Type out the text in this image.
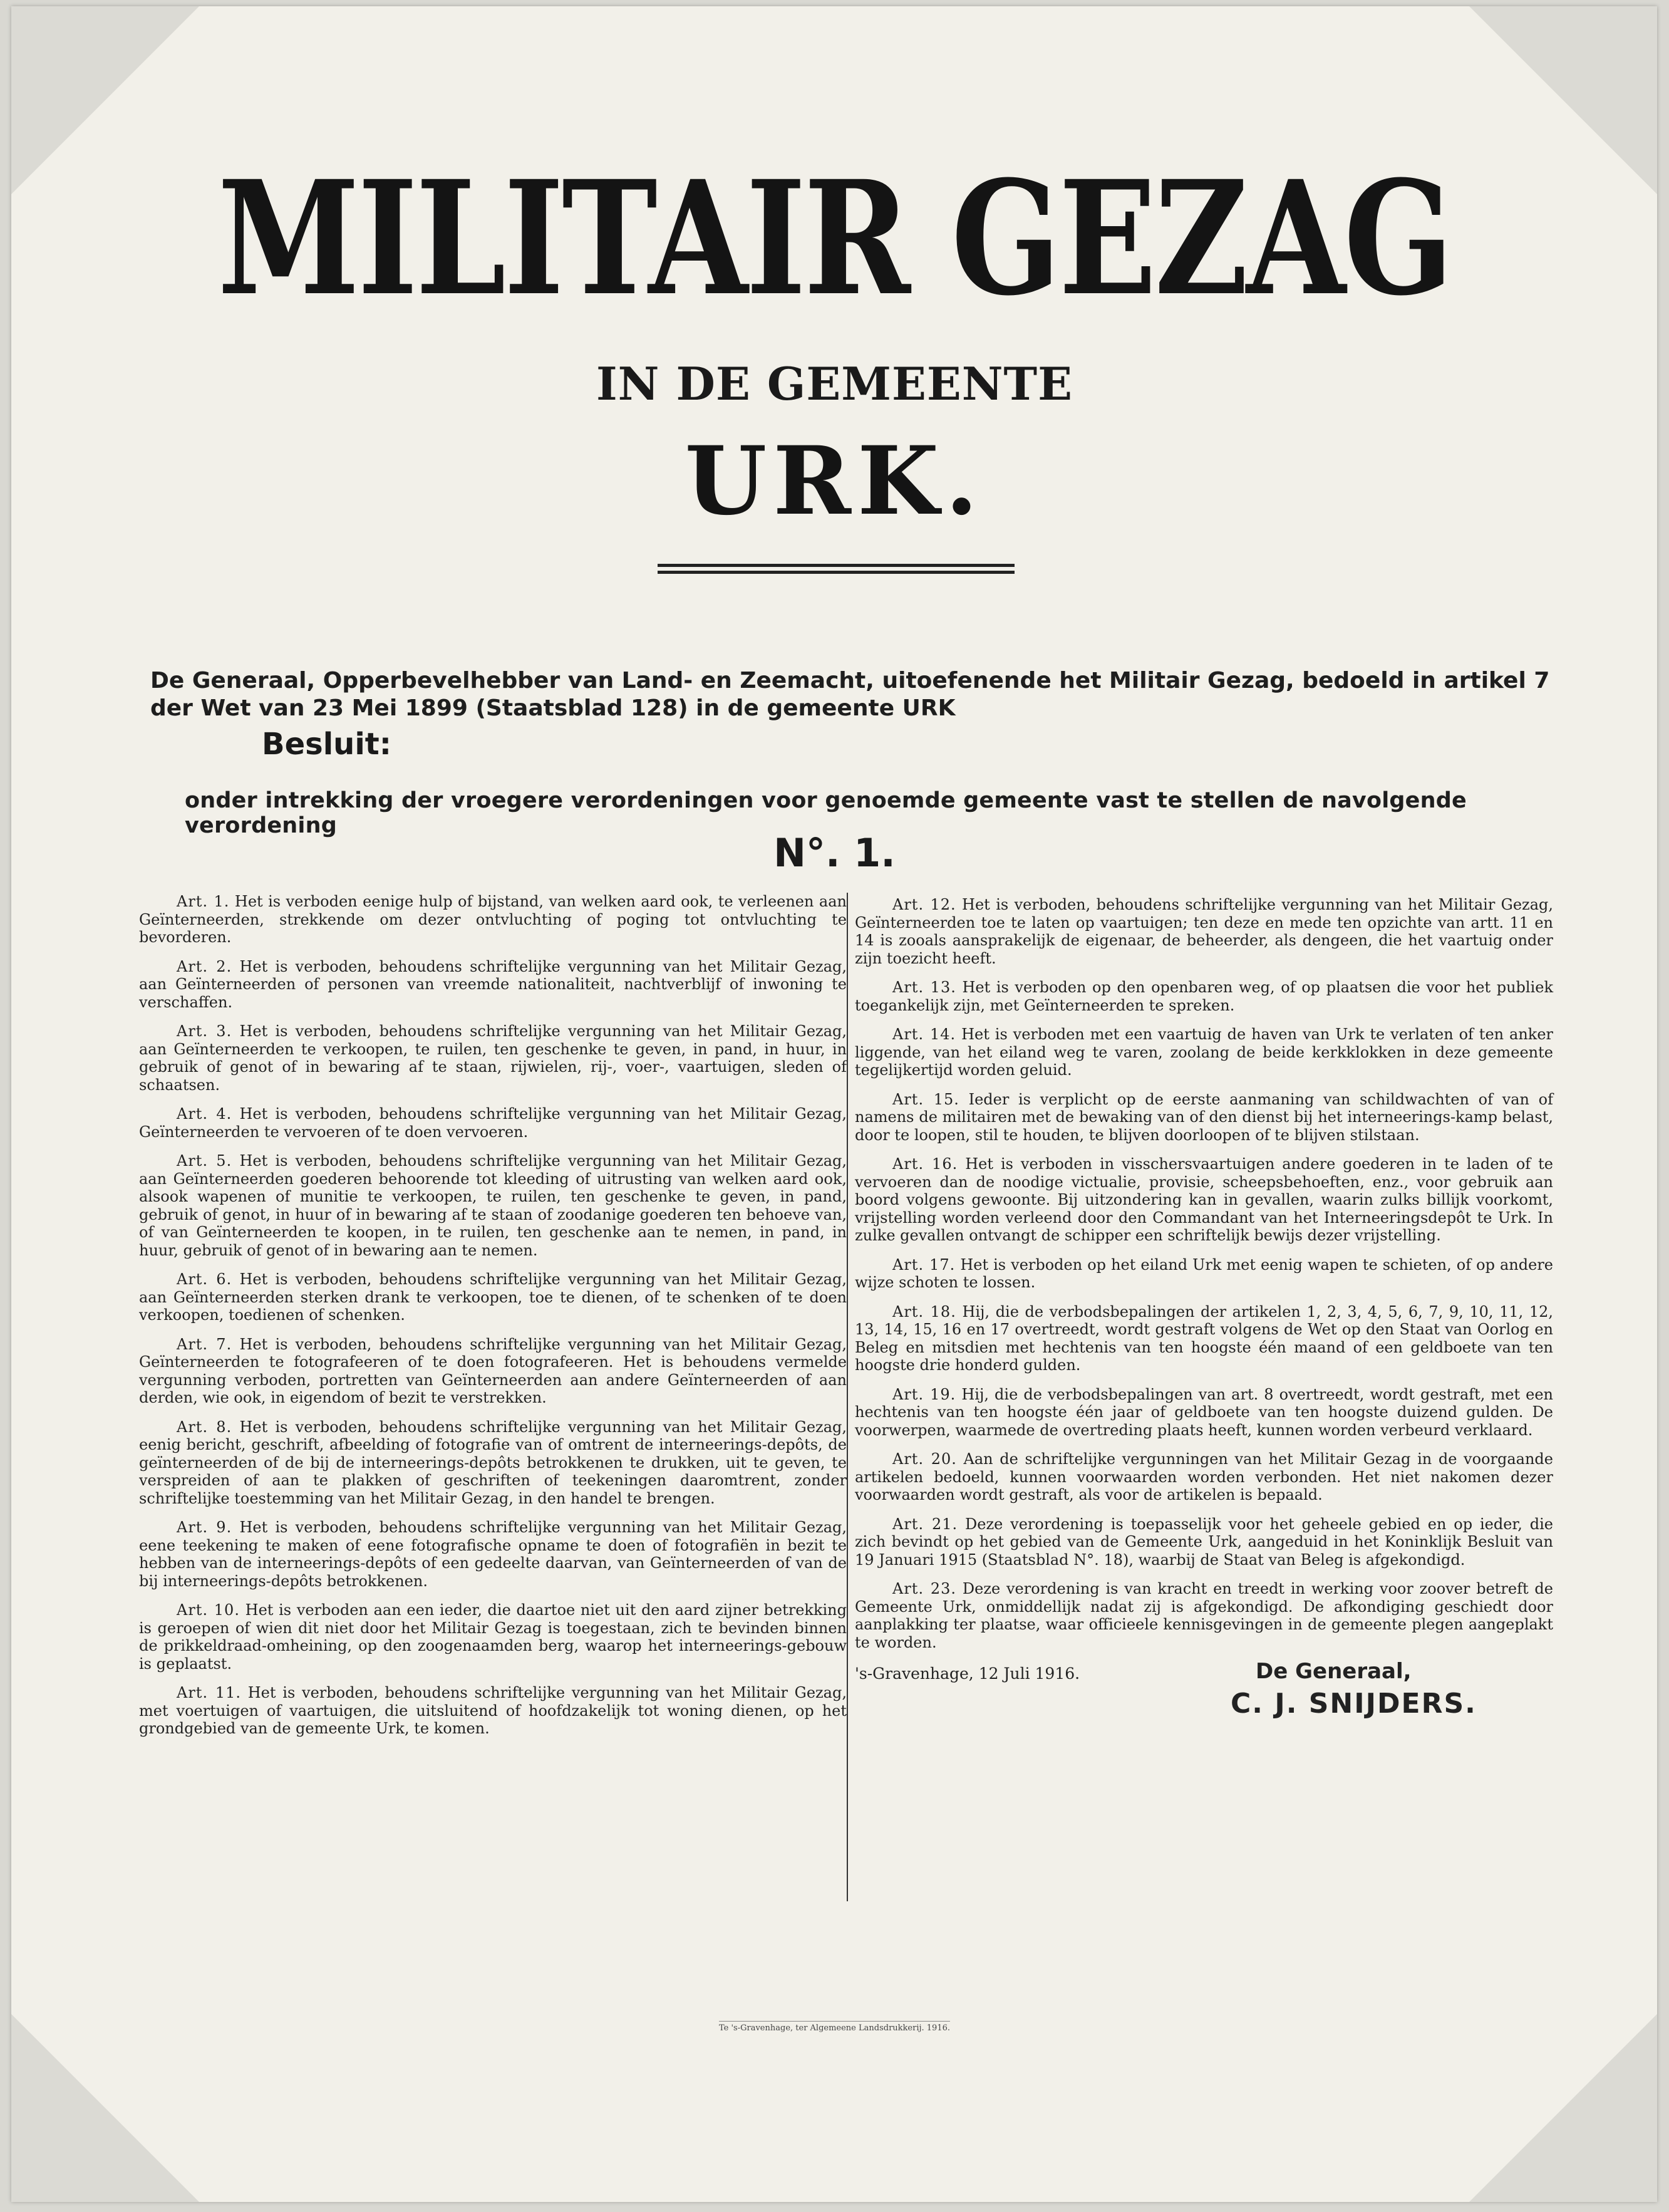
MILITAIR GEZAG
IN DE GEMEENTE
URK.
De Generaal, Opperbevelhebber van Land- en Zeemacht, uitoefenende het Militair Gezag, bedoeld in artikel 7 der Wet van 23 Mei 1899 (Staatsblad 128) in de gemeente URK
Besluit:
onder intrekking der vroegere verordeningen voor genoemde gemeente vast te stellen de navolgende verordening
N°. 1.

Art. 1. Het is verboden eenige hulp of bijstand, van welken aard ook, te verleenen aan Geïnterneerden, strekkende om dezer ontvluchting of poging tot ontvluchting te bevorderen.

Art. 2. Het is verboden, behoudens schriftelijke vergunning van het Militair Gezag, aan Geïnterneerden of personen van vreemde nationaliteit, nachtverblijf of inwoning te verschaffen.

Art. 3. Het is verboden, behoudens schriftelijke vergunning van het Militair Gezag, aan Geïnterneerden te verkoopen, te ruilen, ten geschenke te geven, in pand, in huur, in gebruik of genot of in bewaring af te staan, rijwielen, rij-, voer-, vaartuigen, sleden of schaatsen.

Art. 4. Het is verboden, behoudens schriftelijke vergunning van het Militair Gezag, Geïnterneerden te vervoeren of te doen vervoeren.

Art. 5. Het is verboden, behoudens schriftelijke vergunning van het Militair Gezag, aan Geïnterneerden goederen behoorende tot kleeding of uitrusting van welken aard ook, alsook wapenen of munitie te verkoopen, te ruilen, ten geschenke te geven, in pand, gebruik of genot, in huur of in bewaring af te staan of zoodanige goederen ten behoeve van, of van Geïnterneerden te koopen, in te ruilen, ten geschenke aan te nemen, in pand, in huur, gebruik of genot of in bewaring aan te nemen.

Art. 6. Het is verboden, behoudens schriftelijke vergunning van het Militair Gezag, aan Geïnterneerden sterken drank te verkoopen, toe te dienen, of te schenken of te doen verkoopen, toedienen of schenken.

Art. 7. Het is verboden, behoudens schriftelijke vergunning van het Militair Gezag, Geïnterneerden te fotografeeren of te doen fotografeeren. Het is behoudens vermelde vergunning verboden, portretten van Geïnterneerden aan andere Geïnterneerden of aan derden, wie ook, in eigendom of bezit te verstrekken.

Art. 8. Het is verboden, behoudens schriftelijke vergunning van het Militair Gezag, eenig bericht, geschrift, afbeelding of fotografie van of omtrent de interneerings-depôts, de geïnterneerden of de bij de interneerings-depôts betrokkenen te drukken, uit te geven, te verspreiden of aan te plakken of geschriften of teekeningen daaromtrent, zonder schriftelijke toestemming van het Militair Gezag, in den handel te brengen.

Art. 9. Het is verboden, behoudens schriftelijke vergunning van het Militair Gezag, eene teekening te maken of eene fotografische opname te doen of fotografiën in bezit te hebben van de interneerings-depôts of een gedeelte daarvan, van Geïnterneerden of van de bij interneerings-depôts betrokkenen.

Art. 10. Het is verboden aan een ieder, die daartoe niet uit den aard zijner betrekking is geroepen of wien dit niet door het Militair Gezag is toegestaan, zich te bevinden binnen de prikkeldraad-omheining, op den zoogenaamden berg, waarop het interneerings-gebouw is geplaatst.

Art. 11. Het is verboden, behoudens schriftelijke vergunning van het Militair Gezag, met voertuigen of vaartuigen, die uitsluitend of hoofdzakelijk tot woning dienen, op het grondgebied van de gemeente Urk, te komen.

Art. 12. Het is verboden, behoudens schriftelijke vergunning van het Militair Gezag, Geïnterneerden toe te laten op vaartuigen; ten deze en mede ten opzichte van artt. 11 en 14 is zooals aansprakelijk de eigenaar, de beheerder, als dengeen, die het vaartuig onder zijn toezicht heeft.

Art. 13. Het is verboden op den openbaren weg, of op plaatsen die voor het publiek toegankelijk zijn, met Geïnterneerden te spreken.

Art. 14. Het is verboden met een vaartuig de haven van Urk te verlaten of ten anker liggende, van het eiland weg te varen, zoolang de beide kerkklokken in deze gemeente tegelijkertijd worden geluid.

Art. 15. Ieder is verplicht op de eerste aanmaning van schildwachten of van of namens de militairen met de bewaking van of den dienst bij het interneerings-kamp belast, door te loopen, stil te houden, te blijven doorloopen of te blijven stilstaan.

Art. 16. Het is verboden in visschersvaartuigen andere goederen in te laden of te vervoeren dan de noodige victualie, provisie, scheepsbehoeften, enz., voor gebruik aan boord volgens gewoonte. Bij uitzondering kan in gevallen, waarin zulks billijk voorkomt, vrijstelling worden verleend door den Commandant van het Interneeringsdepôt te Urk. In zulke gevallen ontvangt de schipper een schriftelijk bewijs dezer vrijstelling.

Art. 17. Het is verboden op het eiland Urk met eenig wapen te schieten, of op andere wijze schoten te lossen.

Art. 18. Hij, die de verbodsbepalingen der artikelen 1, 2, 3, 4, 5, 6, 7, 9, 10, 11, 12, 13, 14, 15, 16 en 17 overtreedt, wordt gestraft volgens de Wet op den Staat van Oorlog en Beleg en mitsdien met hechtenis van ten hoogste één maand of een geldboete van ten hoogste drie honderd gulden.

Art. 19. Hij, die de verbodsbepalingen van art. 8 overtreedt, wordt gestraft, met een hechtenis van ten hoogste één jaar of geldboete van ten hoogste duizend gulden. De voorwerpen, waarmede de overtreding plaats heeft, kunnen worden verbeurd verklaard.

Art. 20. Aan de schriftelijke vergunningen van het Militair Gezag in de voorgaande artikelen bedoeld, kunnen voorwaarden worden verbonden. Het niet nakomen dezer voorwaarden wordt gestraft, als voor de artikelen is bepaald.

Art. 21. Deze verordening is toepasselijk voor het geheele gebied en op ieder, die zich bevindt op het gebied van de Gemeente Urk, aangeduid in het Koninklijk Besluit van 19 Januari 1915 (Staatsblad N°. 18), waarbij de Staat van Beleg is afgekondigd.

Art. 23. Deze verordening is van kracht en treedt in werking voor zoover betreft de Gemeente Urk, onmiddellijk nadat zij is afgekondigd. De afkondiging geschiedt door aanplakking ter plaatse, waar officieele kennisgevingen in de gemeente plegen aangeplakt te worden.

's-Gravenhage, 12 Juli 1916.	De Generaal,
C. J. SNIJDERS.
Te 's-Gravenhage, ter Algemeene Landsdrukkerij. 1916.
